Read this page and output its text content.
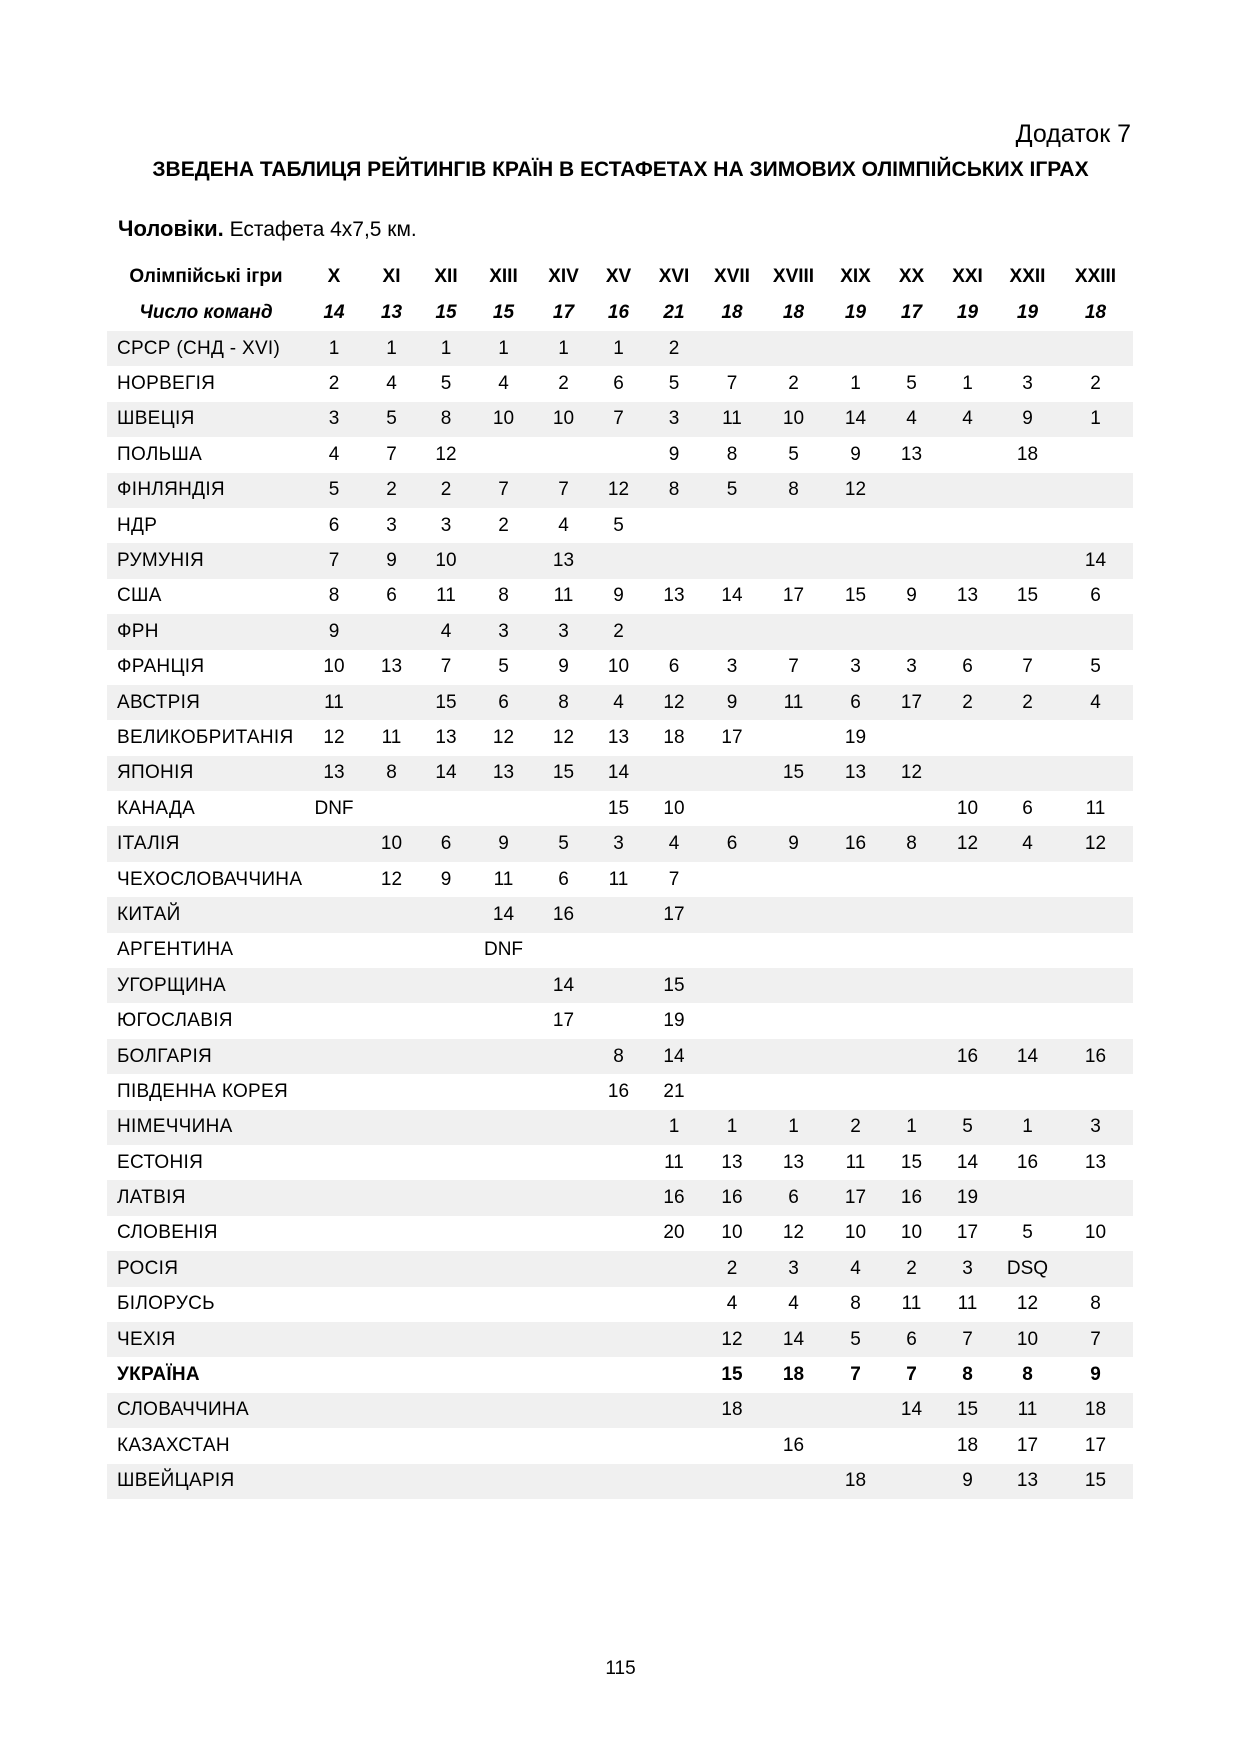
Додаток 7
ЗВЕДЕНА ТАБЛИЦЯ РЕЙТИНГІВ КРАЇН В ЕСТАФЕТАХ НА ЗИМОВИХ ОЛІМПІЙСЬКИХ ІГРАХ
Чоловіки. Естафета 4х7,5 км.
Олімпійські ігри	X	XI	XII	XIII	XIV	XV	XVI	XVII	XVIII	XIX	XX	XXI	XXII	XXIII
Число команд	14	13	15	15	17	16	21	18	18	19	17	19	19	18
СРСР (СНД - XVI)	1	1	1	1	1	1	2							
НОРВЕГІЯ	2	4	5	4	2	6	5	7	2	1	5	1	3	2
ШВЕЦІЯ	3	5	8	10	10	7	3	11	10	14	4	4	9	1
ПОЛЬША	4	7	12				9	8	5	9	13		18	
ФІНЛЯНДІЯ	5	2	2	7	7	12	8	5	8	12				
НДР	6	3	3	2	4	5								
РУМУНІЯ	7	9	10		13									14
США	8	6	11	8	11	9	13	14	17	15	9	13	15	6
ФРН	9		4	3	3	2								
ФРАНЦІЯ	10	13	7	5	9	10	6	3	7	3	3	6	7	5
АВСТРІЯ	11		15	6	8	4	12	9	11	6	17	2	2	4
ВЕЛИКОБРИТАНІЯ	12	11	13	12	12	13	18	17		19				
ЯПОНІЯ	13	8	14	13	15	14			15	13	12			
КАНАДА	DNF					15	10					10	6	11
ІТАЛІЯ		10	6	9	5	3	4	6	9	16	8	12	4	12
ЧЕХОСЛОВАЧЧИНА		12	9	11	6	11	7							
КИТАЙ				14	16		17							
АРГЕНТИНА				DNF										
УГОРЩИНА					14		15							
ЮГОСЛАВІЯ					17		19							
БОЛГАРІЯ						8	14					16	14	16
ПІВДЕННА КОРЕЯ						16	21							
НІМЕЧЧИНА							1	1	1	2	1	5	1	3
ЕСТОНІЯ							11	13	13	11	15	14	16	13
ЛАТВІЯ							16	16	6	17	16	19		
СЛОВЕНІЯ							20	10	12	10	10	17	5	10
РОСІЯ								2	3	4	2	3	DSQ	
БІЛОРУСЬ								4	4	8	11	11	12	8
ЧЕХІЯ								12	14	5	6	7	10	7
УКРАЇНА								15	18	7	7	8	8	9
СЛОВАЧЧИНА								18			14	15	11	18
КАЗАХСТАН									16			18	17	17
ШВЕЙЦАРІЯ										18		9	13	15
115
